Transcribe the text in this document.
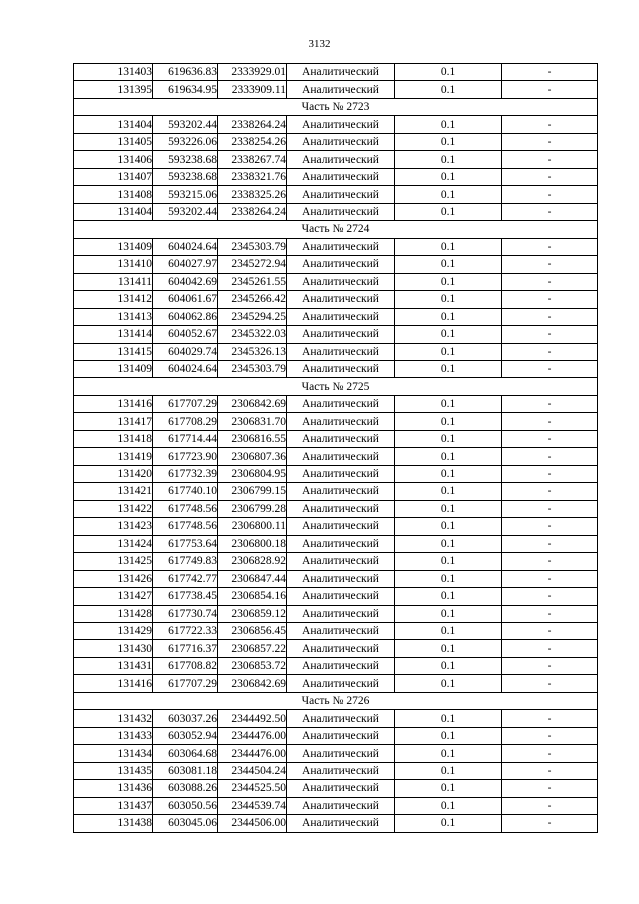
3132
131403	619636.83	2333929.01	Аналитический	0.1	-
131395	619634.95	2333909.11	Аналитический	0.1	-
Часть № 2723					
131404	593202.44	2338264.24	Аналитический	0.1	-
131405	593226.06	2338254.26	Аналитический	0.1	-
131406	593238.68	2338267.74	Аналитический	0.1	-
131407	593238.68	2338321.76	Аналитический	0.1	-
131408	593215.06	2338325.26	Аналитический	0.1	-
131404	593202.44	2338264.24	Аналитический	0.1	-
Часть № 2724					
131409	604024.64	2345303.79	Аналитический	0.1	-
131410	604027.97	2345272.94	Аналитический	0.1	-
131411	604042.69	2345261.55	Аналитический	0.1	-
131412	604061.67	2345266.42	Аналитический	0.1	-
131413	604062.86	2345294.25	Аналитический	0.1	-
131414	604052.67	2345322.03	Аналитический	0.1	-
131415	604029.74	2345326.13	Аналитический	0.1	-
131409	604024.64	2345303.79	Аналитический	0.1	-
Часть № 2725					
131416	617707.29	2306842.69	Аналитический	0.1	-
131417	617708.29	2306831.70	Аналитический	0.1	-
131418	617714.44	2306816.55	Аналитический	0.1	-
131419	617723.90	2306807.36	Аналитический	0.1	-
131420	617732.39	2306804.95	Аналитический	0.1	-
131421	617740.10	2306799.15	Аналитический	0.1	-
131422	617748.56	2306799.28	Аналитический	0.1	-
131423	617748.56	2306800.11	Аналитический	0.1	-
131424	617753.64	2306800.18	Аналитический	0.1	-
131425	617749.83	2306828.92	Аналитический	0.1	-
131426	617742.77	2306847.44	Аналитический	0.1	-
131427	617738.45	2306854.16	Аналитический	0.1	-
131428	617730.74	2306859.12	Аналитический	0.1	-
131429	617722.33	2306856.45	Аналитический	0.1	-
131430	617716.37	2306857.22	Аналитический	0.1	-
131431	617708.82	2306853.72	Аналитический	0.1	-
131416	617707.29	2306842.69	Аналитический	0.1	-
Часть № 2726					
131432	603037.26	2344492.50	Аналитический	0.1	-
131433	603052.94	2344476.00	Аналитический	0.1	-
131434	603064.68	2344476.00	Аналитический	0.1	-
131435	603081.18	2344504.24	Аналитический	0.1	-
131436	603088.26	2344525.50	Аналитический	0.1	-
131437	603050.56	2344539.74	Аналитический	0.1	-
131438	603045.06	2344506.00	Аналитический	0.1	-
